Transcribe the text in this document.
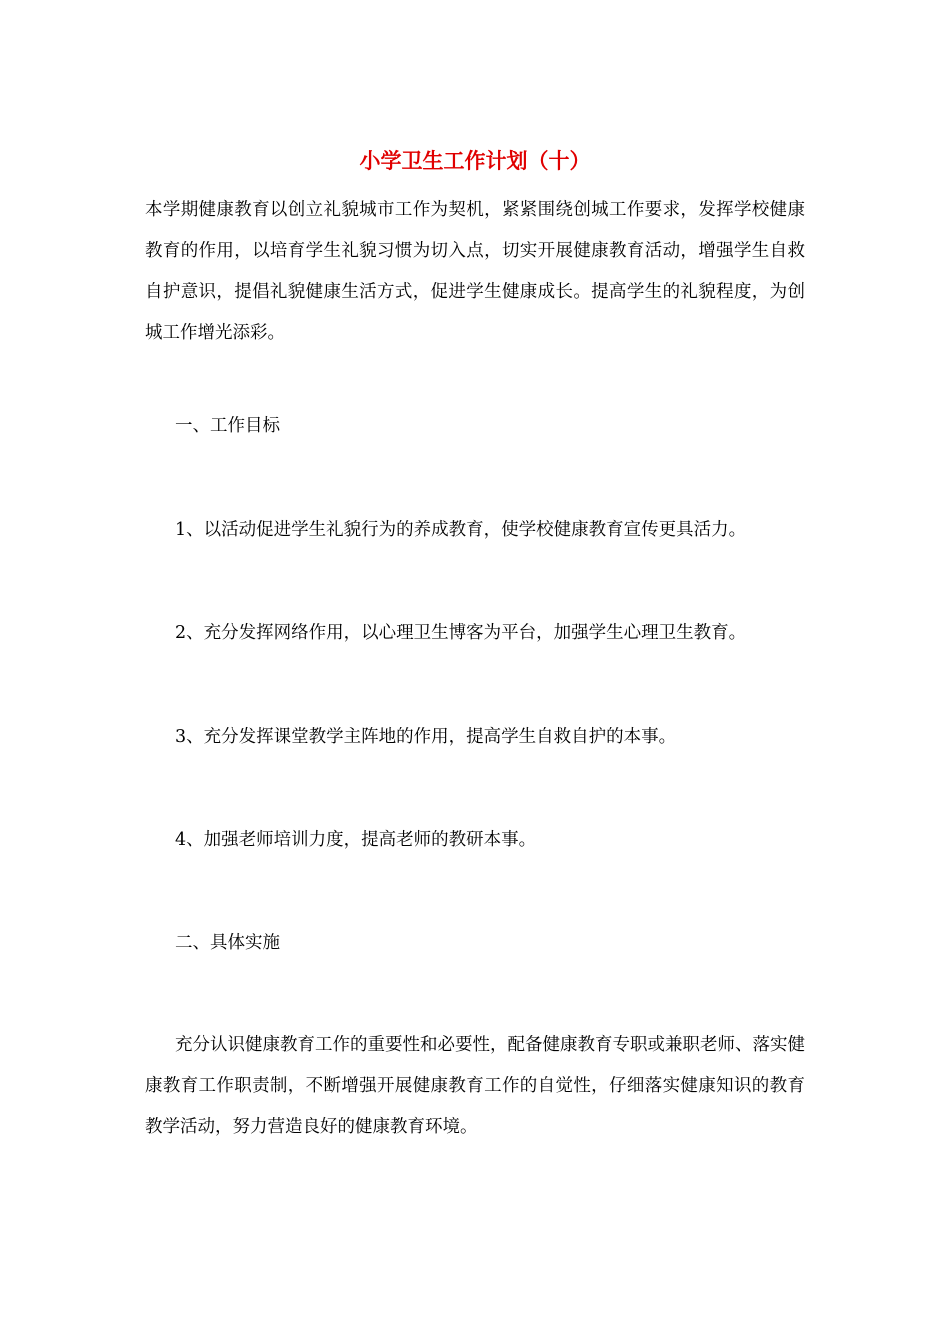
小学卫生工作计划（十）

本学期健康教育以创立礼貌城市工作为契机，紧紧围绕创城工作要求，发挥学校健康教育的作用，以培育学生礼貌习惯为切入点，切实开展健康教育活动，增强学生自救自护意识，提倡礼貌健康生活方式，促进学生健康成长。提高学生的礼貌程度，为创城工作增光添彩。

一、工作目标

1、以活动促进学生礼貌行为的养成教育，使学校健康教育宣传更具活力。

2、充分发挥网络作用，以心理卫生博客为平台，加强学生心理卫生教育。

3、充分发挥课堂教学主阵地的作用，提高学生自救自护的本事。

4、加强老师培训力度，提高老师的教研本事。

二、具体实施

充分认识健康教育工作的重要性和必要性，配备健康教育专职或兼职老师、落实健康教育工作职责制，不断增强开展健康教育工作的自觉性，仔细落实健康知识的教育教学活动，努力营造良好的健康教育环境。
